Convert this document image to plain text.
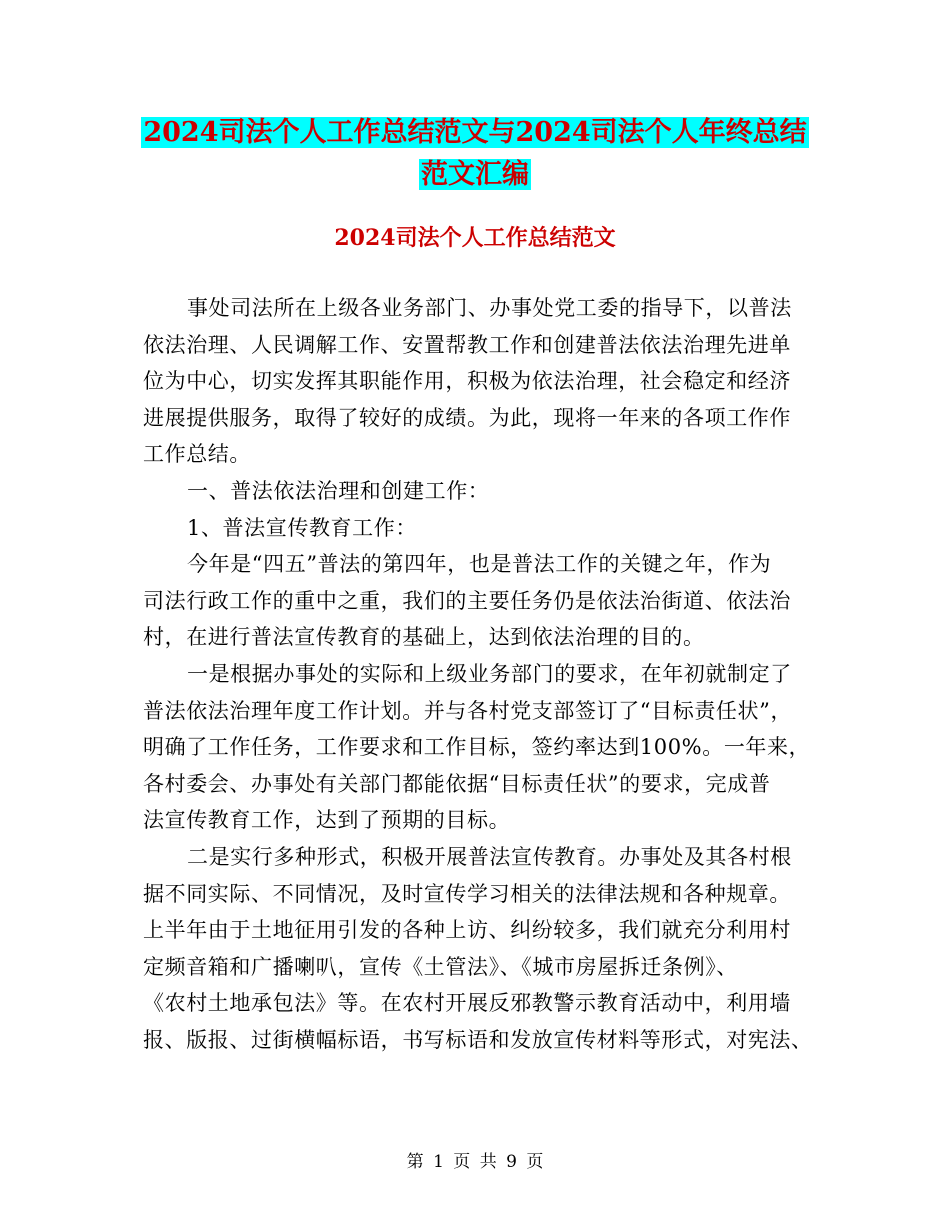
2024司法个人工作总结范文与2024司法个人年终总结
范文汇编
2024司法个人工作总结范文
事处司法所在上级各业务部门、办事处党工委的指导下，以普法
依法治理、人民调解工作、安置帮教工作和创建普法依法治理先进单
位为中心，切实发挥其职能作用，积极为依法治理，社会稳定和经济
进展提供服务，取得了较好的成绩。为此，现将一年来的各项工作作
工作总结。
一、普法依法治理和创建工作：
1、普法宣传教育工作：
今年是“四五”普法的第四年，也是普法工作的关键之年，作为
司法行政工作的重中之重，我们的主要任务仍是依法治街道、依法治
村，在进行普法宣传教育的基础上，达到依法治理的目的。
一是根据办事处的实际和上级业务部门的要求，在年初就制定了
普法依法治理年度工作计划。并与各村党支部签订了“目标责任状”，
明确了工作任务，工作要求和工作目标，签约率达到100%。一年来，
各村委会、办事处有关部门都能依据“目标责任状”的要求，完成普
法宣传教育工作，达到了预期的目标。
二是实行多种形式，积极开展普法宣传教育。办事处及其各村根
据不同实际、不同情况，及时宣传学习相关的法律法规和各种规章。
上半年由于土地征用引发的各种上访、纠纷较多，我们就充分利用村
定频音箱和广播喇叭，宣传《土管法》、《城市房屋拆迁条例》、
《农村土地承包法》等。在农村开展反邪教警示教育活动中，利用墙
报、版报、过街横幅标语，书写标语和发放宣传材料等形式，对宪法、
第 1 页 共 9 页
